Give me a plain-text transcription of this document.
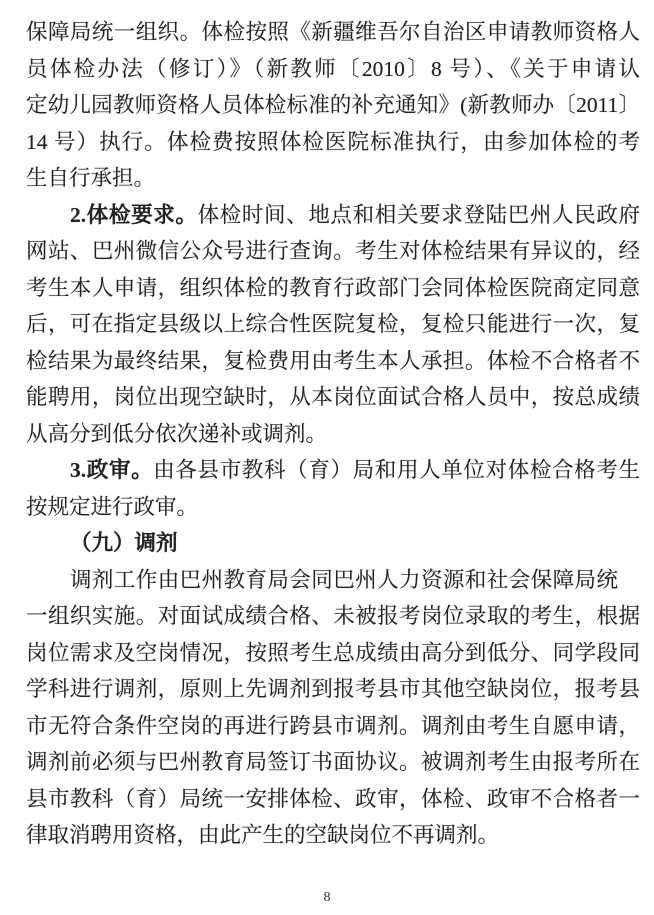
保障局统一组织。体检按照《新疆维吾尔自治区申请教师资格人
员体检办法（修订）》（新教师〔2010〕8 号）、《关于申请认
定幼儿园教师资格人员体检标准的补充通知》(新教师办〔2011〕
14 号）执行。体检费按照体检医院标准执行，由参加体检的考
生自行承担。
2.体检要求。体检时间、地点和相关要求登陆巴州人民政府
网站、巴州微信公众号进行查询。考生对体检结果有异议的，经
考生本人申请，组织体检的教育行政部门会同体检医院商定同意
后，可在指定县级以上综合性医院复检，复检只能进行一次，复
检结果为最终结果，复检费用由考生本人承担。体检不合格者不
能聘用，岗位出现空缺时，从本岗位面试合格人员中，按总成绩
从高分到低分依次递补或调剂。
3.政审。由各县市教科（育）局和用人单位对体检合格考生
按规定进行政审。
（九）调剂
调剂工作由巴州教育局会同巴州人力资源和社会保障局统
一组织实施。对面试成绩合格、未被报考岗位录取的考生，根据
岗位需求及空岗情况，按照考生总成绩由高分到低分、同学段同
学科进行调剂，原则上先调剂到报考县市其他空缺岗位，报考县
市无符合条件空岗的再进行跨县市调剂。调剂由考生自愿申请，
调剂前必须与巴州教育局签订书面协议。被调剂考生由报考所在
县市教科（育）局统一安排体检、政审，体检、政审不合格者一
律取消聘用资格，由此产生的空缺岗位不再调剂。
8
